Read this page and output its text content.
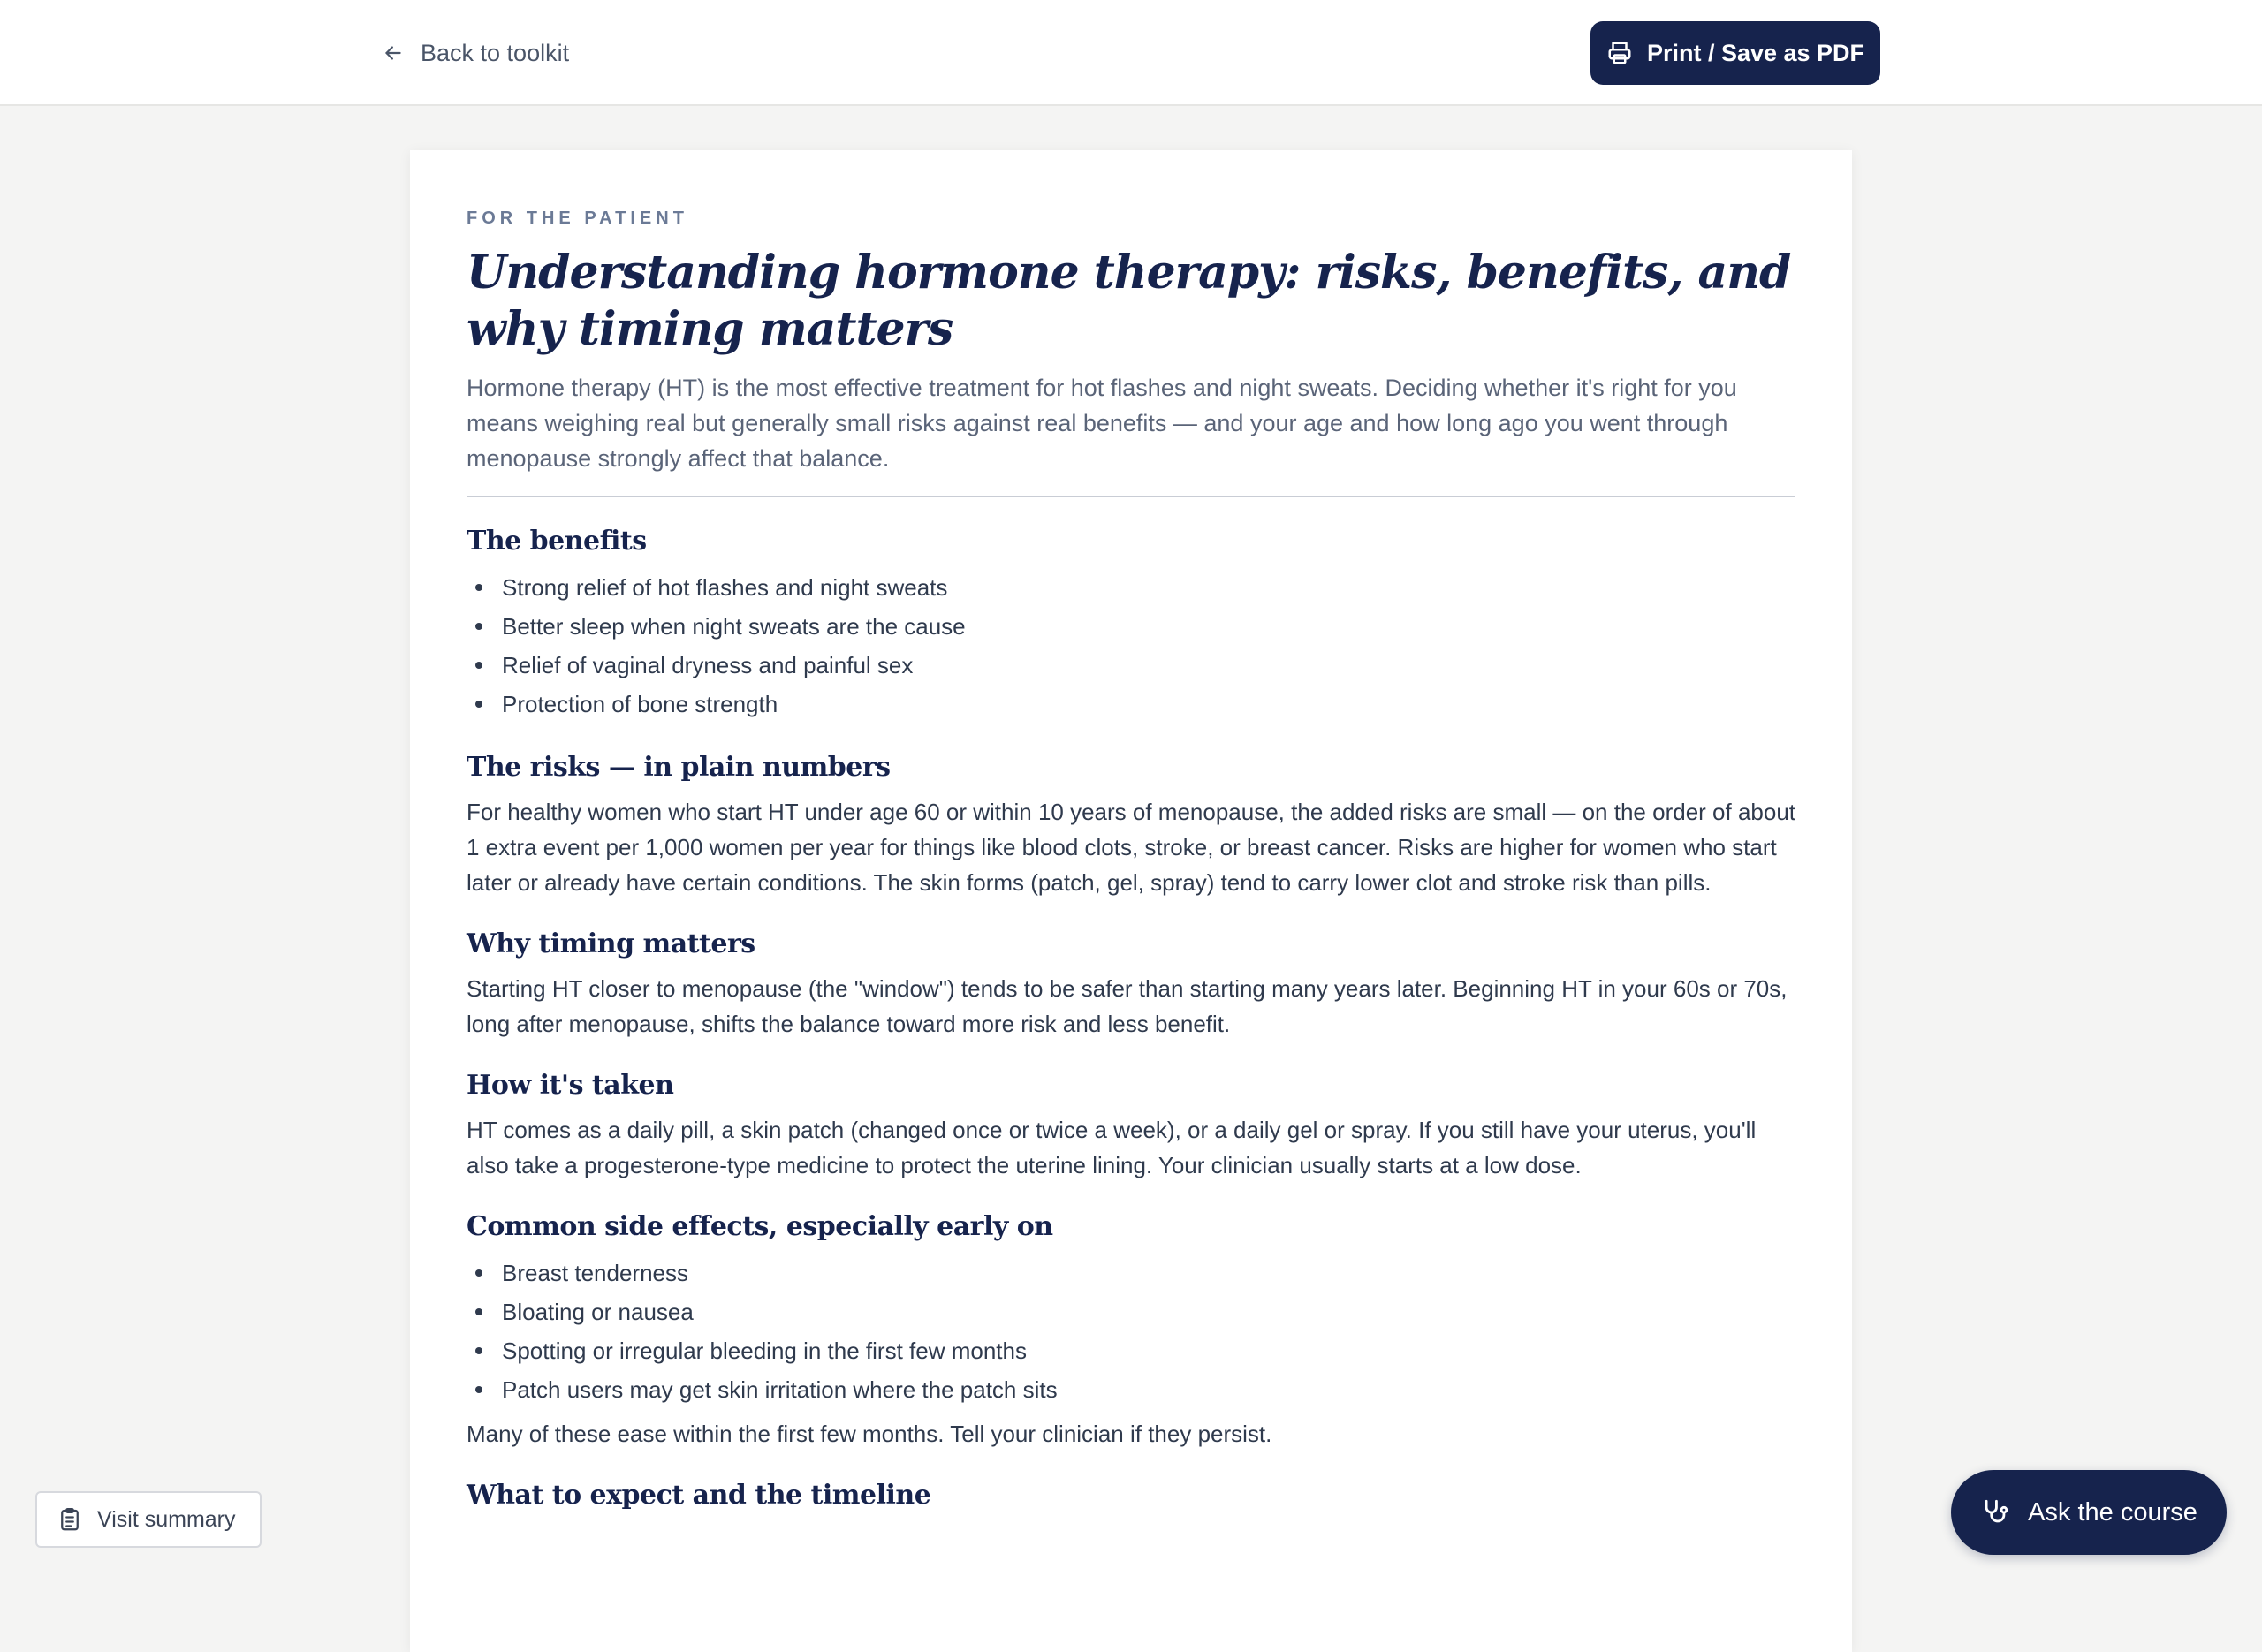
Back to toolkit	Print / Save as PDF
FOR THE PATIENT
Understanding hormone therapy: risks, benefits, and why timing matters

Hormone therapy (HT) is the most effective treatment for hot flashes and night sweats. Deciding whether it's right for you means weighing real but generally small risks against real benefits — and your age and how long ago you went through menopause strongly affect that balance.

The benefits
Strong relief of hot flashes and night sweats
Better sleep when night sweats are the cause
Relief of vaginal dryness and painful sex
Protection of bone strength
The risks — in plain numbers

For healthy women who start HT under age 60 or within 10 years of menopause, the added risks are small — on the order of about 1 extra event per 1,000 women per year for things like blood clots, stroke, or breast cancer. Risks are higher for women who start later or already have certain conditions. The skin forms (patch, gel, spray) tend to carry lower clot and stroke risk than pills.

Why timing matters

Starting HT closer to menopause (the "window") tends to be safer than starting many years later. Beginning HT in your 60s or 70s, long after menopause, shifts the balance toward more risk and less benefit.

How it's taken

HT comes as a daily pill, a skin patch (changed once or twice a week), or a daily gel or spray. If you still have your uterus, you'll also take a progesterone-type medicine to protect the uterine lining. Your clinician usually starts at a low dose.

Common side effects, especially early on
Breast tenderness
Bloating or nausea
Spotting or irregular bleeding in the first few months
Patch users may get skin irritation where the patch sits

Many of these ease within the first few months. Tell your clinician if they persist.

What to expect and the timeline
Visit summary	Ask the course
